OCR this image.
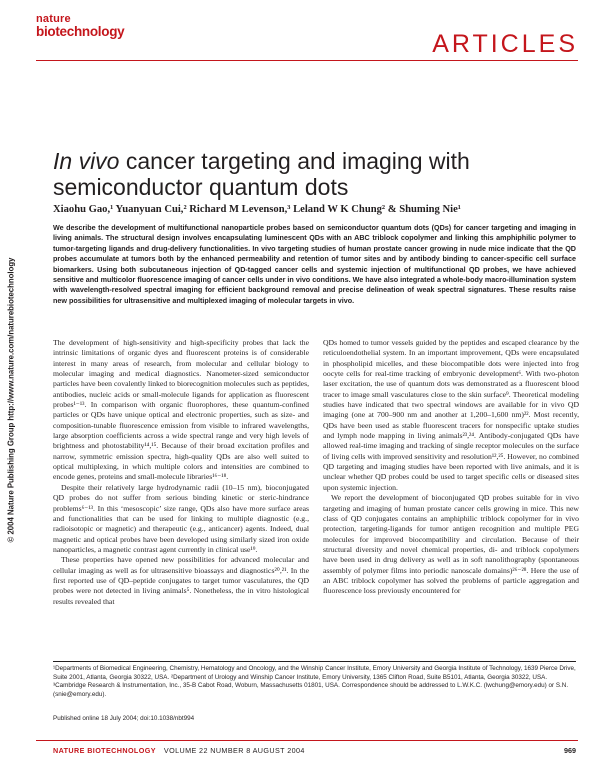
nature
biotechnology	ARTICLES
© 2004 Nature Publishing Group http://www.nature.com/naturebiotechnology
In vivo cancer targeting and imaging with semiconductor quantum dots
Xiaohu Gao,¹ Yuanyuan Cui,² Richard M Levenson,³ Leland W K Chung² & Shuming Nie¹

We describe the development of multifunctional nanoparticle probes based on semiconductor quantum dots (QDs) for cancer targeting and imaging in living animals. The structural design involves encapsulating luminescent QDs with an ABC triblock copolymer and linking this amphiphilic polymer to tumor-targeting ligands and drug-delivery functionalities. In vivo targeting studies of human prostate cancer growing in nude mice indicate that the QD probes accumulate at tumors both by the enhanced permeability and retention of tumor sites and by antibody binding to cancer-specific cell surface biomarkers. Using both subcutaneous injection of QD-tagged cancer cells and systemic injection of multifunctional QD probes, we have achieved sensitive and multicolor fluorescence imaging of cancer cells under in vivo conditions. We have also integrated a whole-body macro-illumination system with wavelength-resolved spectral imaging for efficient background removal and precise delineation of weak spectral signatures. These results raise new possibilities for ultrasensitive and multiplexed imaging of molecular targets in vivo.

The development of high-sensitivity and high-specificity probes that lack the intrinsic limitations of organic dyes and fluorescent proteins is of considerable interest in many areas of research, from molecular and cellular biology to molecular imaging and medical diagnostics. Nanometer-sized semiconductor particles have been covalently linked to biorecognition molecules such as peptides, antibodies, nucleic acids or small-molecule ligands for application as fluorescent probes¹⁻¹³. In comparison with organic fluorophores, these quantum-confined particles or QDs have unique optical and electronic properties, such as size- and composition-tunable fluorescence emission from visible to infrared wavelengths, large absorption coefficients across a wide spectral range and very high levels of brightness and photostability¹⁴,¹⁵. Because of their broad excitation profiles and narrow, symmetric emission spectra, high-quality QDs are also well suited to optical multiplexing, in which multiple colors and intensities are combined to encode genes, proteins and small-molecule libraries¹⁶⁻¹⁸.

Despite their relatively large hydrodynamic radii (10–15 nm), bioconjugated QD probes do not suffer from serious binding kinetic or steric-hindrance problems⁶⁻¹³. In this ‘mesoscopic’ size range, QDs also have more surface areas and functionalities that can be used for linking to multiple diagnostic (e.g., radioisotopic or magnetic) and therapeutic (e.g., anticancer) agents. Indeed, dual magnetic and optical probes have been developed using similarly sized iron oxide nanoparticles, a magnetic contrast agent currently in clinical use¹⁹.

These properties have opened new possibilities for advanced molecular and cellular imaging as well as for ultrasensitive bioassays and diagnostics²⁰,²¹. In the first reported use of QD–peptide conjugates to target tumor vasculatures, the QD probes were not detected in living animals⁵. Nonetheless, the in vitro histological results revealed that

QDs homed to tumor vessels guided by the peptides and escaped clearance by the reticuloendothelial system. In an important improvement, QDs were encapsulated in phospholipid micelles, and these biocompatible dots were injected into frog oocyte cells for real-time tracking of embryonic development⁶. With two-photon laser excitation, the use of quantum dots was demonstrated as a fluorescent blood tracer to image small vasculatures close to the skin surface⁹. Theoretical modeling studies have indicated that two spectral windows are available for in vivo QD imaging (one at 700–900 nm and another at 1,200–1,600 nm)²². Most recently, QDs have been used as stable fluorescent tracers for nonspecific uptake studies and lymph node mapping in living animals²³,²⁴. Antibody-conjugated QDs have allowed real-time imaging and tracking of single receptor molecules on the surface of living cells with improved sensitivity and resolution¹²,²⁵. However, no combined QD targeting and imaging studies have been reported with live animals, and it is unclear whether QD probes could be used to target specific cells or diseased sites upon systemic injection.

We report the development of bioconjugated QD probes suitable for in vivo targeting and imaging of human prostate cancer cells growing in mice. This new class of QD conjugates contains an amphiphilic triblock copolymer for in vivo protection, targeting-ligands for tumor antigen recognition and multiple PEG molecules for improved biocompatibility and circulation. Because of their structural diversity and novel chemical properties, di- and triblock copolymers have been used in drug delivery as well as in soft nanolithography (spontaneous assembly of polymer films into periodic nanoscale domains)²⁶⁻²⁸. Here the use of an ABC triblock copolymer has solved the problems of particle aggregation and fluorescence loss previously encountered for

¹Departments of Biomedical Engineering, Chemistry, Hematology and Oncology, and the Winship Cancer Institute, Emory University and Georgia Institute of Technology, 1639 Pierce Drive, Suite 2001, Atlanta, Georgia 30322, USA. ²Department of Urology and Winship Cancer Institute, Emory University, 1365 Clifton Road, Suite B5101, Atlanta, Georgia 30322, USA. ³Cambridge Research & Instrumentation, Inc., 35-B Cabot Road, Woburn, Massachusetts 01801, USA. Correspondence should be addressed to L.W.K.C. (lwchung@emory.edu) or S.N. (snie@emory.edu).

Published online 18 July 2004; doi:10.1038/nbt994
NATURE BIOTECHNOLOGY VOLUME 22 NUMBER 8 AUGUST 2004	969
